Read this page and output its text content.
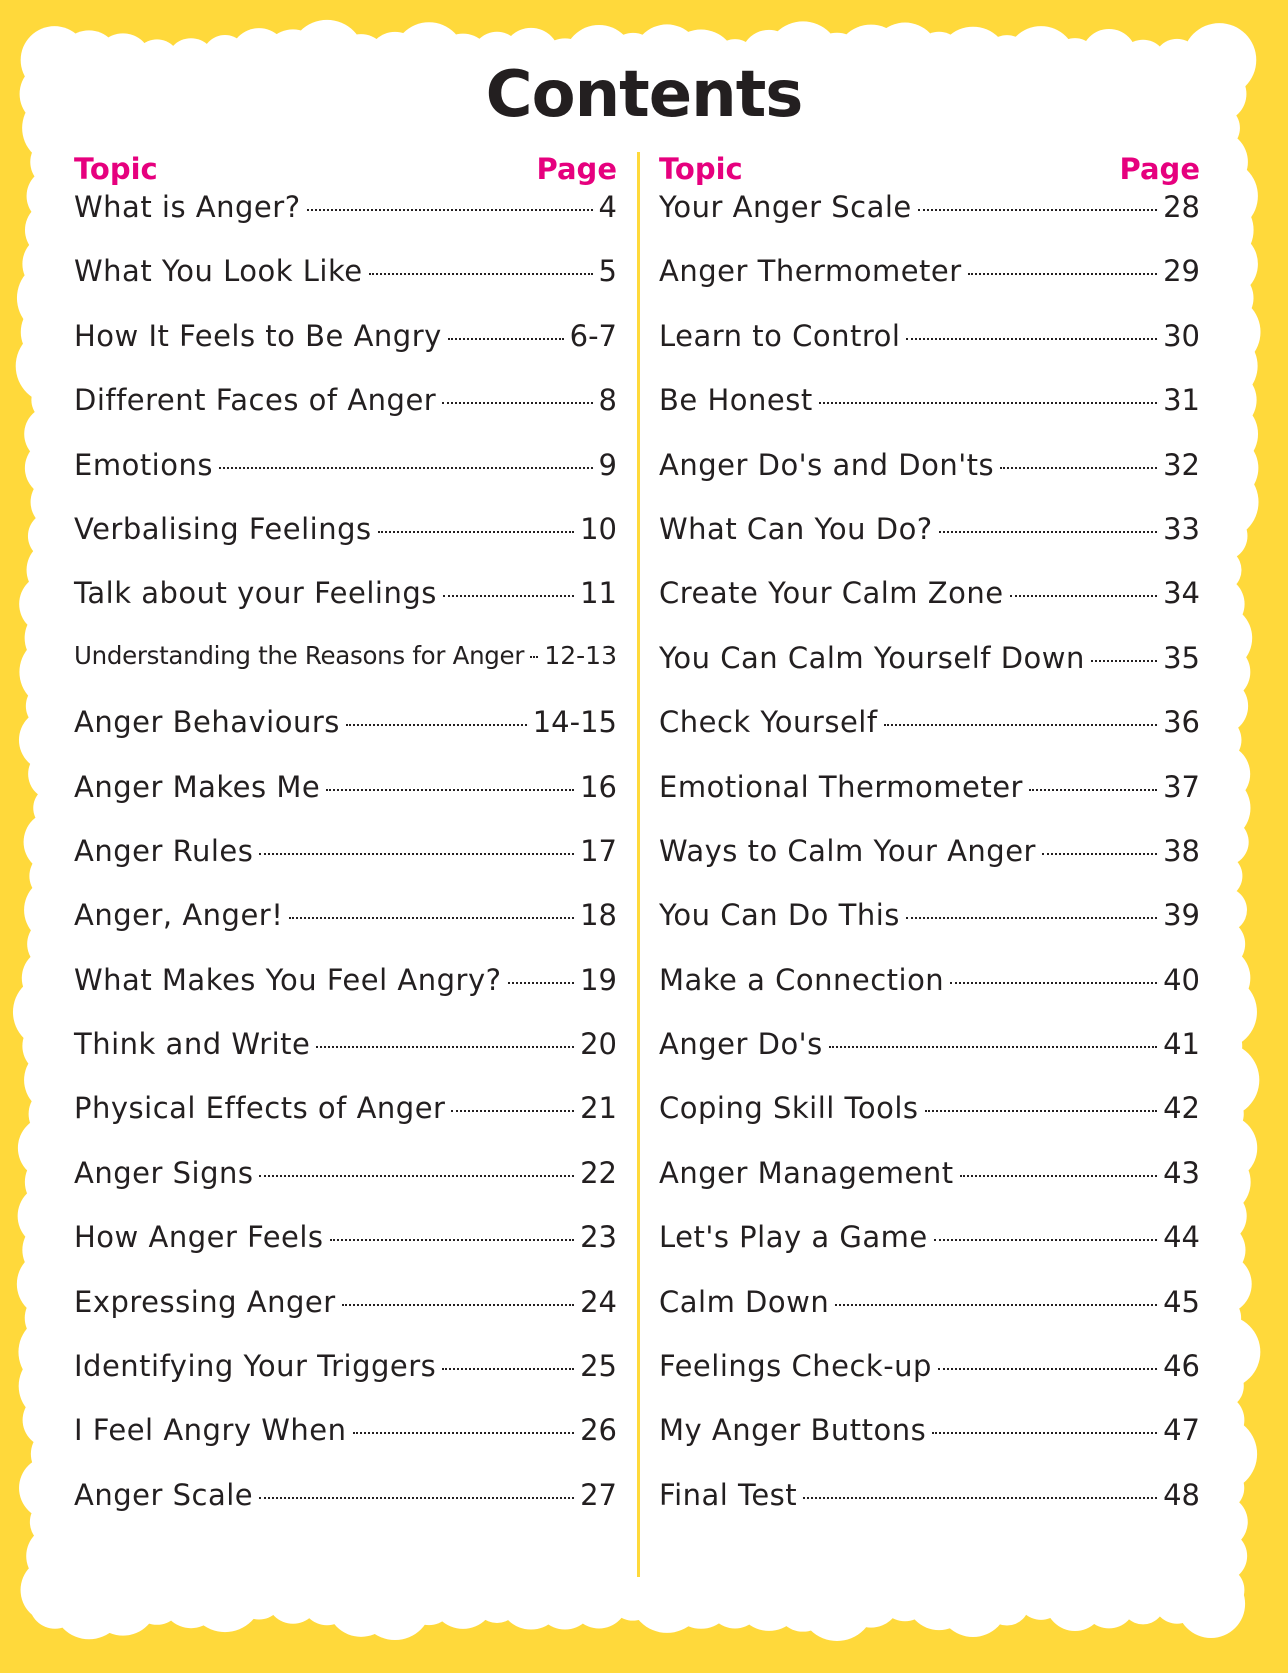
Contents
Topic	Page
What is Anger?	4
What You Look Like	5
How It Feels to Be Angry	6-7
Different Faces of Anger	8
Emotions	9
Verbalising Feelings	10
Talk about your Feelings	11
Understanding the Reasons for Anger 12-13
Anger Behaviours	14-15
Anger Makes Me	16
Anger Rules	17
Anger, Anger!	18
What Makes You Feel Angry?	19
Think and Write	20
Physical Effects of Anger	21
Anger Signs	22
How Anger Feels	23
Expressing Anger	24
Identifying Your Triggers	25
I Feel Angry When	26
Anger Scale	27
Topic	Page
Your Anger Scale	28
Anger Thermometer	29
Learn to Control	30
Be Honest	31
Anger Do's and Don'ts	32
What Can You Do?	33
Create Your Calm Zone	34
You Can Calm Yourself Down	35
Check Yourself	36
Emotional Thermometer	37
Ways to Calm Your Anger	38
You Can Do This	39
Make a Connection	40
Anger Do's	41
Coping Skill Tools	42
Anger Management	43
Let's Play a Game	44
Calm Down	45
Feelings Check-up	46
My Anger Buttons	47
Final Test	48
